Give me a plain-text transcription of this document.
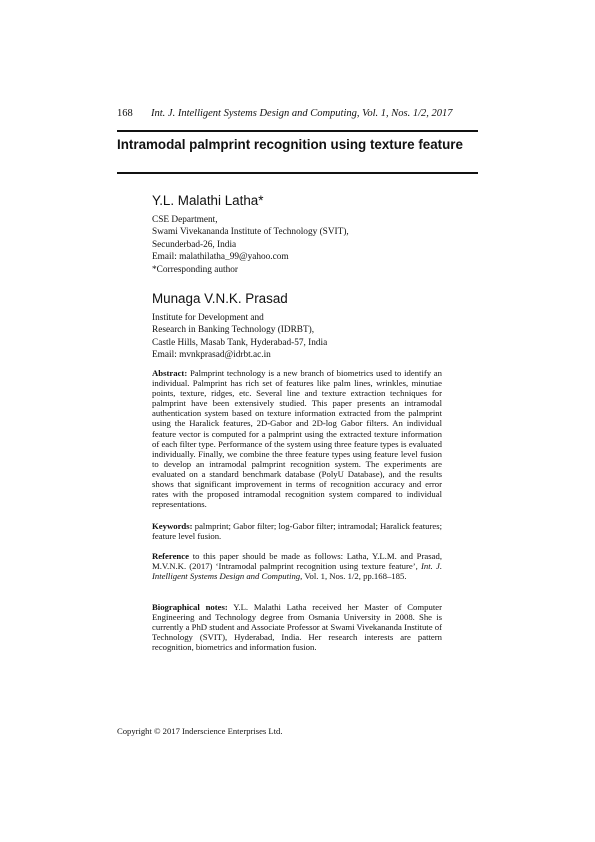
168 Int. J. Intelligent Systems Design and Computing, Vol. 1, Nos. 1/2, 2017
Intramodal palmprint recognition using texture feature
Y.L. Malathi Latha*
CSE Department,
Swami Vivekananda Institute of Technology (SVIT),
Secunderbad-26, India
Email: malathilatha_99@yahoo.com
*Corresponding author
Munaga V.N.K. Prasad
Institute for Development and
Research in Banking Technology (IDRBT),
Castle Hills, Masab Tank, Hyderabad-57, India
Email: mvnkprasad@idrbt.ac.in

Abstract: Palmprint technology is a new branch of biometrics used to identify an individual. Palmprint has rich set of features like palm lines, wrinkles, minutiae points, texture, ridges, etc. Several line and texture extraction techniques for palmprint have been extensively studied. This paper presents an intramodal authentication system based on texture information extracted from the palmprint using the Haralick features, 2D-Gabor and 2D-log Gabor filters. An individual feature vector is computed for a palmprint using the extracted texture information of each filter type. Performance of the system using three feature types is evaluated individually. Finally, we combine the three feature types using feature level fusion to develop an intramodal palmprint recognition system. The experiments are evaluated on a standard benchmark database (PolyU Database), and the results shows that significant improvement in terms of recognition accuracy and error rates with the proposed intramodal recognition system compared to individual representations.

Keywords: palmprint; Gabor filter; log-Gabor filter; intramodal; Haralick features; feature level fusion.

Reference to this paper should be made as follows: Latha, Y.L.M. and Prasad, M.V.N.K. (2017) ‘Intramodal palmprint recognition using texture feature’, Int. J. Intelligent Systems Design and Computing, Vol. 1, Nos. 1/2, pp.168–185.

Biographical notes: Y.L. Malathi Latha received her Master of Computer Engineering and Technology degree from Osmania University in 2008. She is currently a PhD student and Associate Professor at Swami Vivekananda Institute of Technology (SVIT), Hyderabad, India. Her research interests are pattern recognition, biometrics and information fusion.

Copyright © 2017 Inderscience Enterprises Ltd.
